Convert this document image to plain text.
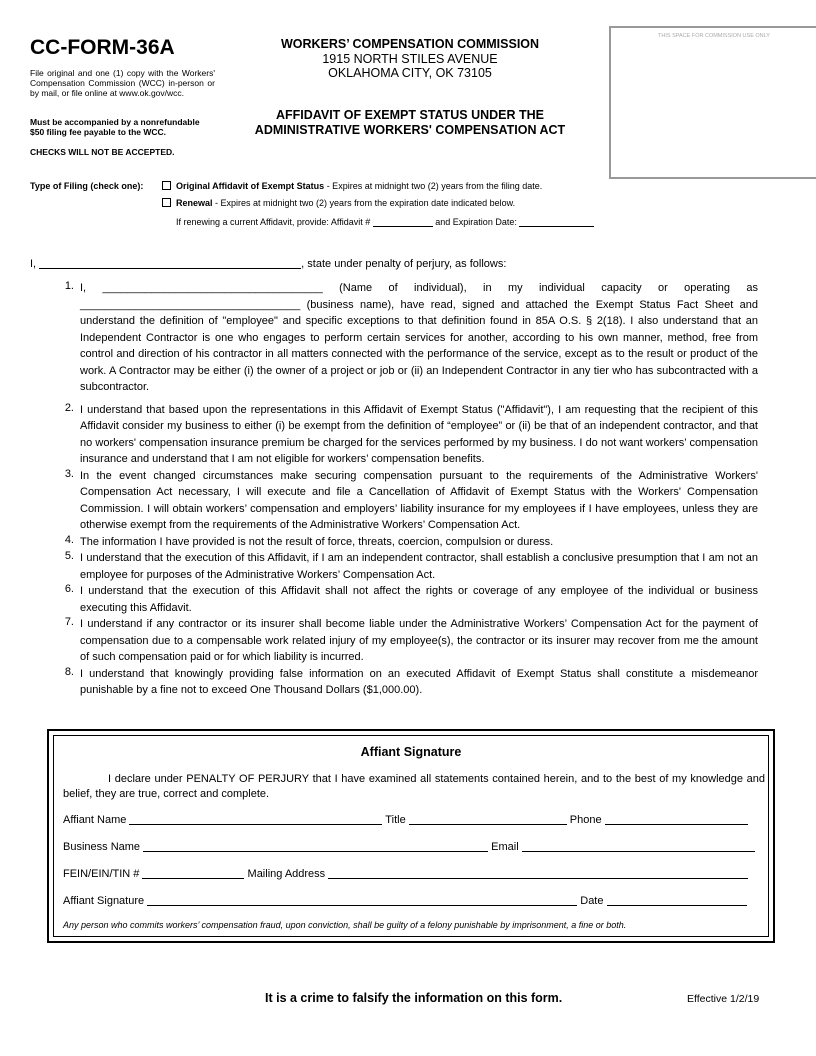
CC-FORM-36A
File original and one (1) copy with the Workers' Compensation Commission (WCC) in-person or by mail, or file online at www.ok.gov/wcc.
Must be accompanied by a nonrefundable $50 filing fee payable to the WCC.
CHECKS WILL NOT BE ACCEPTED.
WORKERS’ COMPENSATION COMMISSION
1915 NORTH STILES AVENUE
OKLAHOMA CITY, OK 73105
AFFIDAVIT OF EXEMPT STATUS UNDER THE
ADMINISTRATIVE WORKERS' COMPENSATION ACT
THIS SPACE FOR COMMISSION USE ONLY
Type of Filing (check one):	Original Affidavit of Exempt Status - Expires at midnight two (2) years from the filing date.
Renewal - Expires at midnight two (2) years from the expiration date indicated below.
If renewing a current Affidavit, provide: Affidavit #	and Expiration Date:
I,	, state under penalty of perjury, as follows:
1. I, ____________________________________ (Name of individual), in my individual capacity or operating as ____________________________________ (business name), have read, signed and attached the Exempt Status Fact Sheet and understand the definition of "employee" and specific exceptions to that definition found in 85A O.S. § 2(18). I also understand that an Independent Contractor is one who engages to perform certain services for another, according to his own manner, method, free from control and direction of his contractor in all matters connected with the performance of the service, except as to the result or product of the work. A Contractor may be either (i) the owner of a project or job or (ii) an Independent Contractor in any tier who has subcontracted with a subcontractor.
2. I understand that based upon the representations in this Affidavit of Exempt Status ("Affidavit"), I am requesting that the recipient of this Affidavit consider my business to either (i) be exempt from the definition of “employee” or (ii) be that of an independent contractor, and that no workers' compensation insurance premium be charged for the services performed by my business. I do not want workers’ compensation insurance and understand that I am not eligible for workers’ compensation benefits.
3. In the event changed circumstances make securing compensation pursuant to the requirements of the Administrative Workers' Compensation Act necessary, I will execute and file a Cancellation of Affidavit of Exempt Status with the Workers' Compensation Commission. I will obtain workers’ compensation and employers’ liability insurance for my employees if I have employees, unless they are otherwise exempt from the requirements of the Administrative Workers’ Compensation Act.
4. The information I have provided is not the result of force, threats, coercion, compulsion or duress.
5. I understand that the execution of this Affidavit, if I am an independent contractor, shall establish a conclusive presumption that I am not an employee for purposes of the Administrative Workers’ Compensation Act.
6. I understand that the execution of this Affidavit shall not affect the rights or coverage of any employee of the individual or business executing this Affidavit.
7. I understand if any contractor or its insurer shall become liable under the Administrative Workers’ Compensation Act for the payment of compensation due to a compensable work related injury of my employee(s), the contractor or its insurer may recover from me the amount of such compensation paid or for which liability is incurred.
8. I understand that knowingly providing false information on an executed Affidavit of Exempt Status shall constitute a misdemeanor punishable by a fine not to exceed One Thousand Dollars ($1,000.00).
Affiant Signature
I declare under PENALTY OF PERJURY that I have examined all statements contained herein, and to the best of my knowledge and belief, they are true, correct and complete.
Affiant Name	Title	Phone
Business Name	Email
FEIN/EIN/TIN #	Mailing Address
Affiant Signature	Date
Any person who commits workers’ compensation fraud, upon conviction, shall be guilty of a felony punishable by imprisonment, a fine or both.
It is a crime to falsify the information on this form.	Effective 1/2/19
